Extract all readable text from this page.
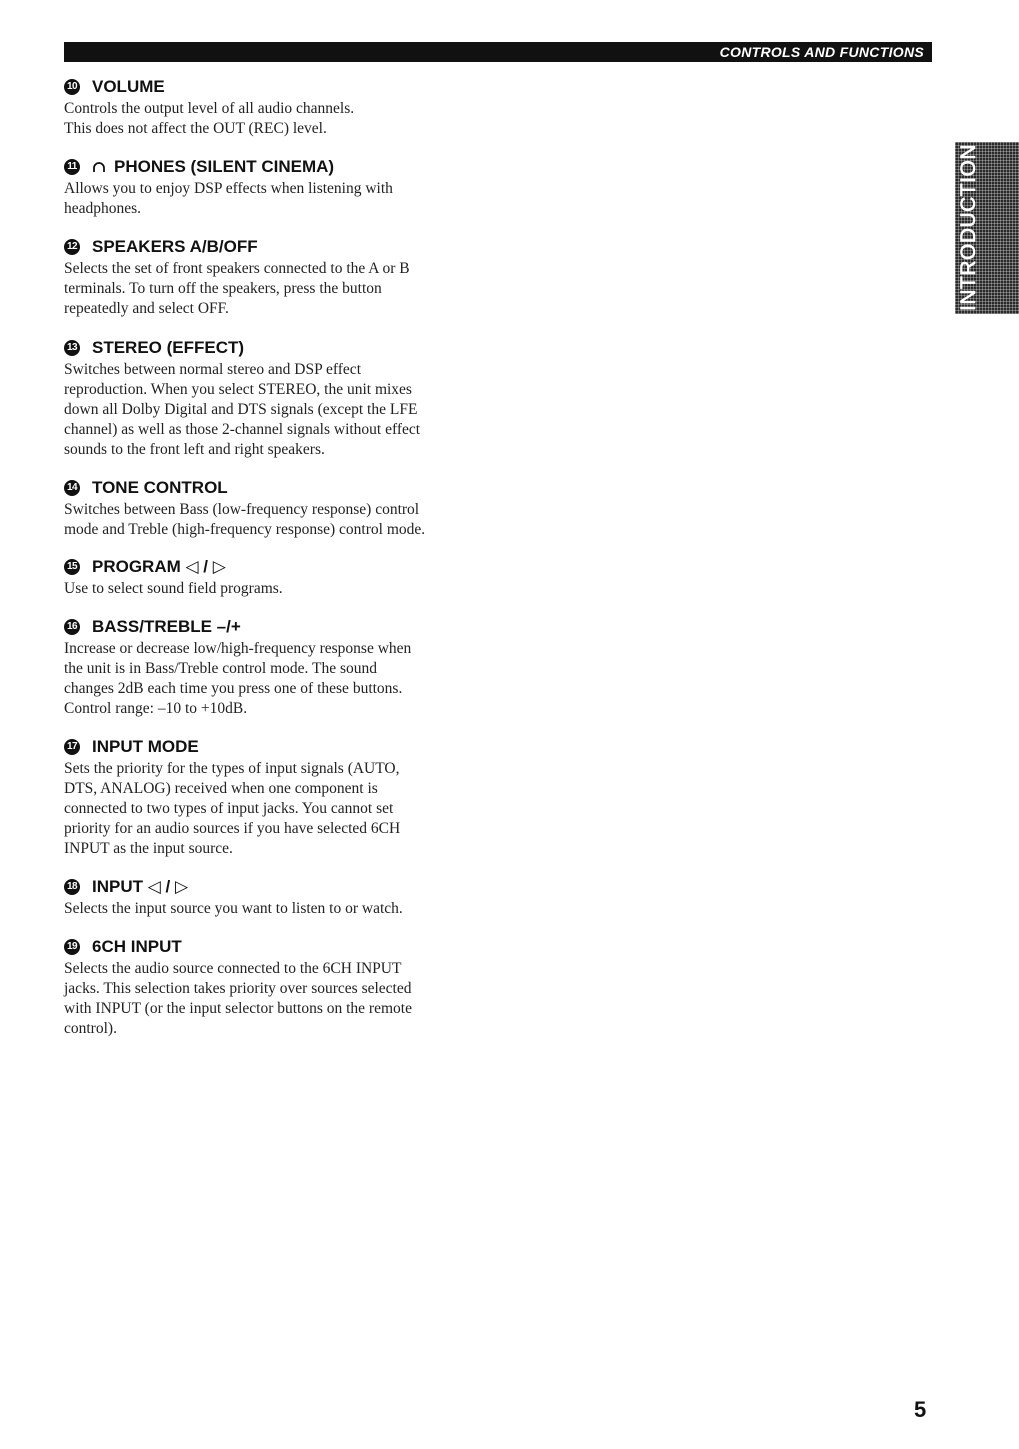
CONTROLS AND FUNCTIONS
INTRODUCTION
10 VOLUME
Controls the output level of all audio channels.
This does not affect the OUT (REC) level.
11 PHONES (SILENT CINEMA)
Allows you to enjoy DSP effects when listening with
headphones.
12 SPEAKERS A/B/OFF
Selects the set of front speakers connected to the A or B
terminals. To turn off the speakers, press the button
repeatedly and select OFF.
13 STEREO (EFFECT)
Switches between normal stereo and DSP effect
reproduction. When you select STEREO, the unit mixes
down all Dolby Digital and DTS signals (except the LFE
channel) as well as those 2-channel signals without effect
sounds to the front left and right speakers.
14 TONE CONTROL
Switches between Bass (low-frequency response) control
mode and Treble (high-frequency response) control mode.
15 PROGRAM ◁ / ▷
Use to select sound field programs.
16 BASS/TREBLE –/+
Increase or decrease low/high-frequency response when
the unit is in Bass/Treble control mode. The sound
changes 2dB each time you press one of these buttons.
Control range: –10 to +10dB.
17 INPUT MODE
Sets the priority for the types of input signals (AUTO,
DTS, ANALOG) received when one component is
connected to two types of input jacks. You cannot set
priority for an audio sources if you have selected 6CH
INPUT as the input source.
18 INPUT ◁ / ▷
Selects the input source you want to listen to or watch.
19 6CH INPUT
Selects the audio source connected to the 6CH INPUT
jacks. This selection takes priority over sources selected
with INPUT (or the input selector buttons on the remote
control).
5
